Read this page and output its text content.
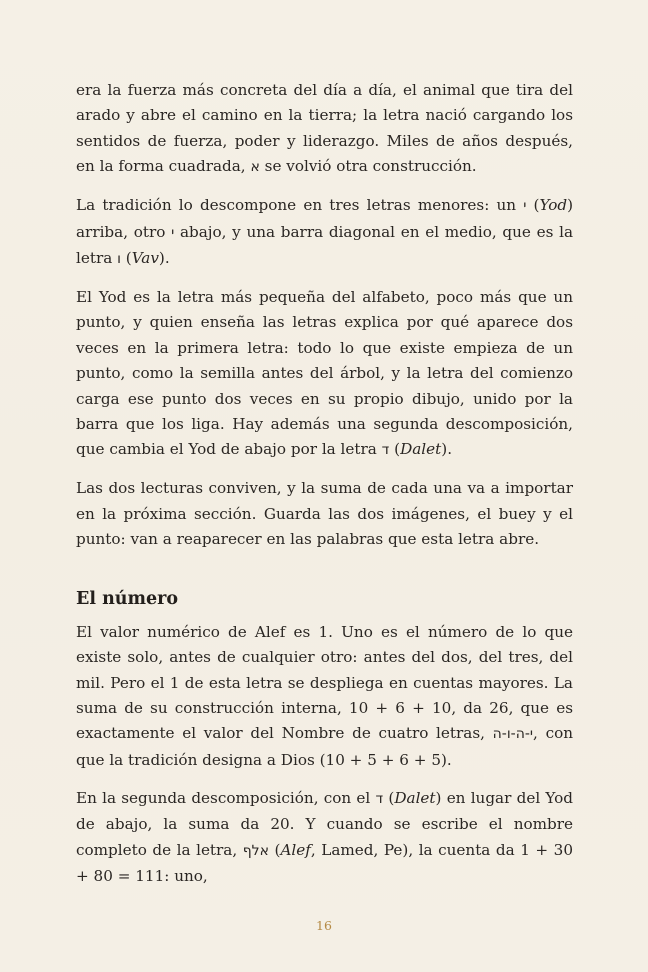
era la fuerza más concreta del día a día, el animal que tira del arado y abre el camino en la tierra; la letra nació cargando los sentidos de fuerza, poder y liderazgo. Miles de años después, en la forma cuadrada, א se volvió otra construcción.

La tradición lo descompone en tres letras menores: un י (Yod) arriba, otro י abajo, y una barra diagonal en el medio, que es la letra ו (Vav).

El Yod es la letra más pequeña del alfabeto, poco más que un punto, y quien enseña las letras explica por qué aparece dos veces en la primera letra: todo lo que existe empieza de un punto, como la semilla antes del árbol, y la letra del comienzo carga ese punto dos veces en su propio dibujo, unido por la barra que los liga. Hay además una segunda descomposición, que cambia el Yod de abajo por la letra ד (Dalet).

Las dos lecturas conviven, y la suma de cada una va a importar en la próxima sección. Guarda las dos imágenes, el buey y el punto: van a reaparecer en las palabras que esta letra abre.

El número

El valor numérico de Alef es 1. Uno es el número de lo que existe solo, antes de cualquier otro: antes del dos, del tres, del mil. Pero el 1 de esta letra se despliega en cuentas mayores. La suma de su construcción interna, 10 + 6 + 10, da 26, que es exactamente el valor del Nombre de cuatro letras, י-ה-ו-ה, con que la tradición designa a Dios (10 + 5 + 6 + 5).

En la segunda descomposición, con el ד (Dalet) en lugar del Yod de abajo, la suma da 20. Y cuando se escribe el nombre completo de la letra, אלף (Alef, Lamed, Pe), la cuenta da 1 + 30 + 80 = 111: uno,

16
